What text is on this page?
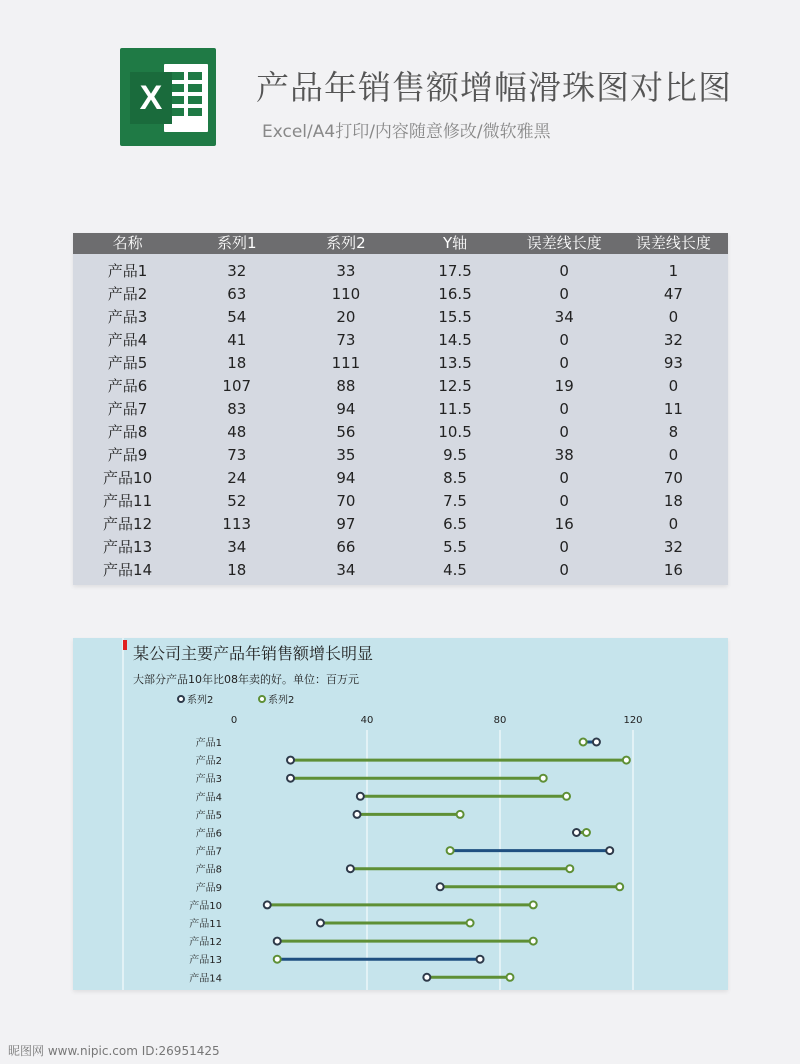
X	产品年销售额增幅滑珠图对比图
Excel/A4打印/内容随意修改/微软雅黑
名称	系列1	系列2	Y轴	误差线长度	误差线长度
产品1	32	33	17.5	0	1
产品2	63	110	16.5	0	47
产品3	54	20	15.5	34	0
产品4	41	73	14.5	0	32
产品5	18	111	13.5	0	93
产品6	107	88	12.5	19	0
产品7	83	94	11.5	0	11
产品8	48	56	10.5	0	8
产品9	73	35	9.5	38	0
产品10	24	94	8.5	0	70
产品11	52	70	7.5	0	18
产品12	113	97	6.5	16	0
产品13	34	66	5.5	0	32
产品14	18	34	4.5	0	16
某公司主要产品年销售额增长明显
大部分产品10年比08年卖的好。单位：百万元
系列2	系列2
0	40	80	120
产品1
产品2
产品3
产品4
产品5
产品6
产品7
产品8
产品9
产品10
产品11
产品12
产品13
产品14
昵图网 www.nipic.com ID:26951425
